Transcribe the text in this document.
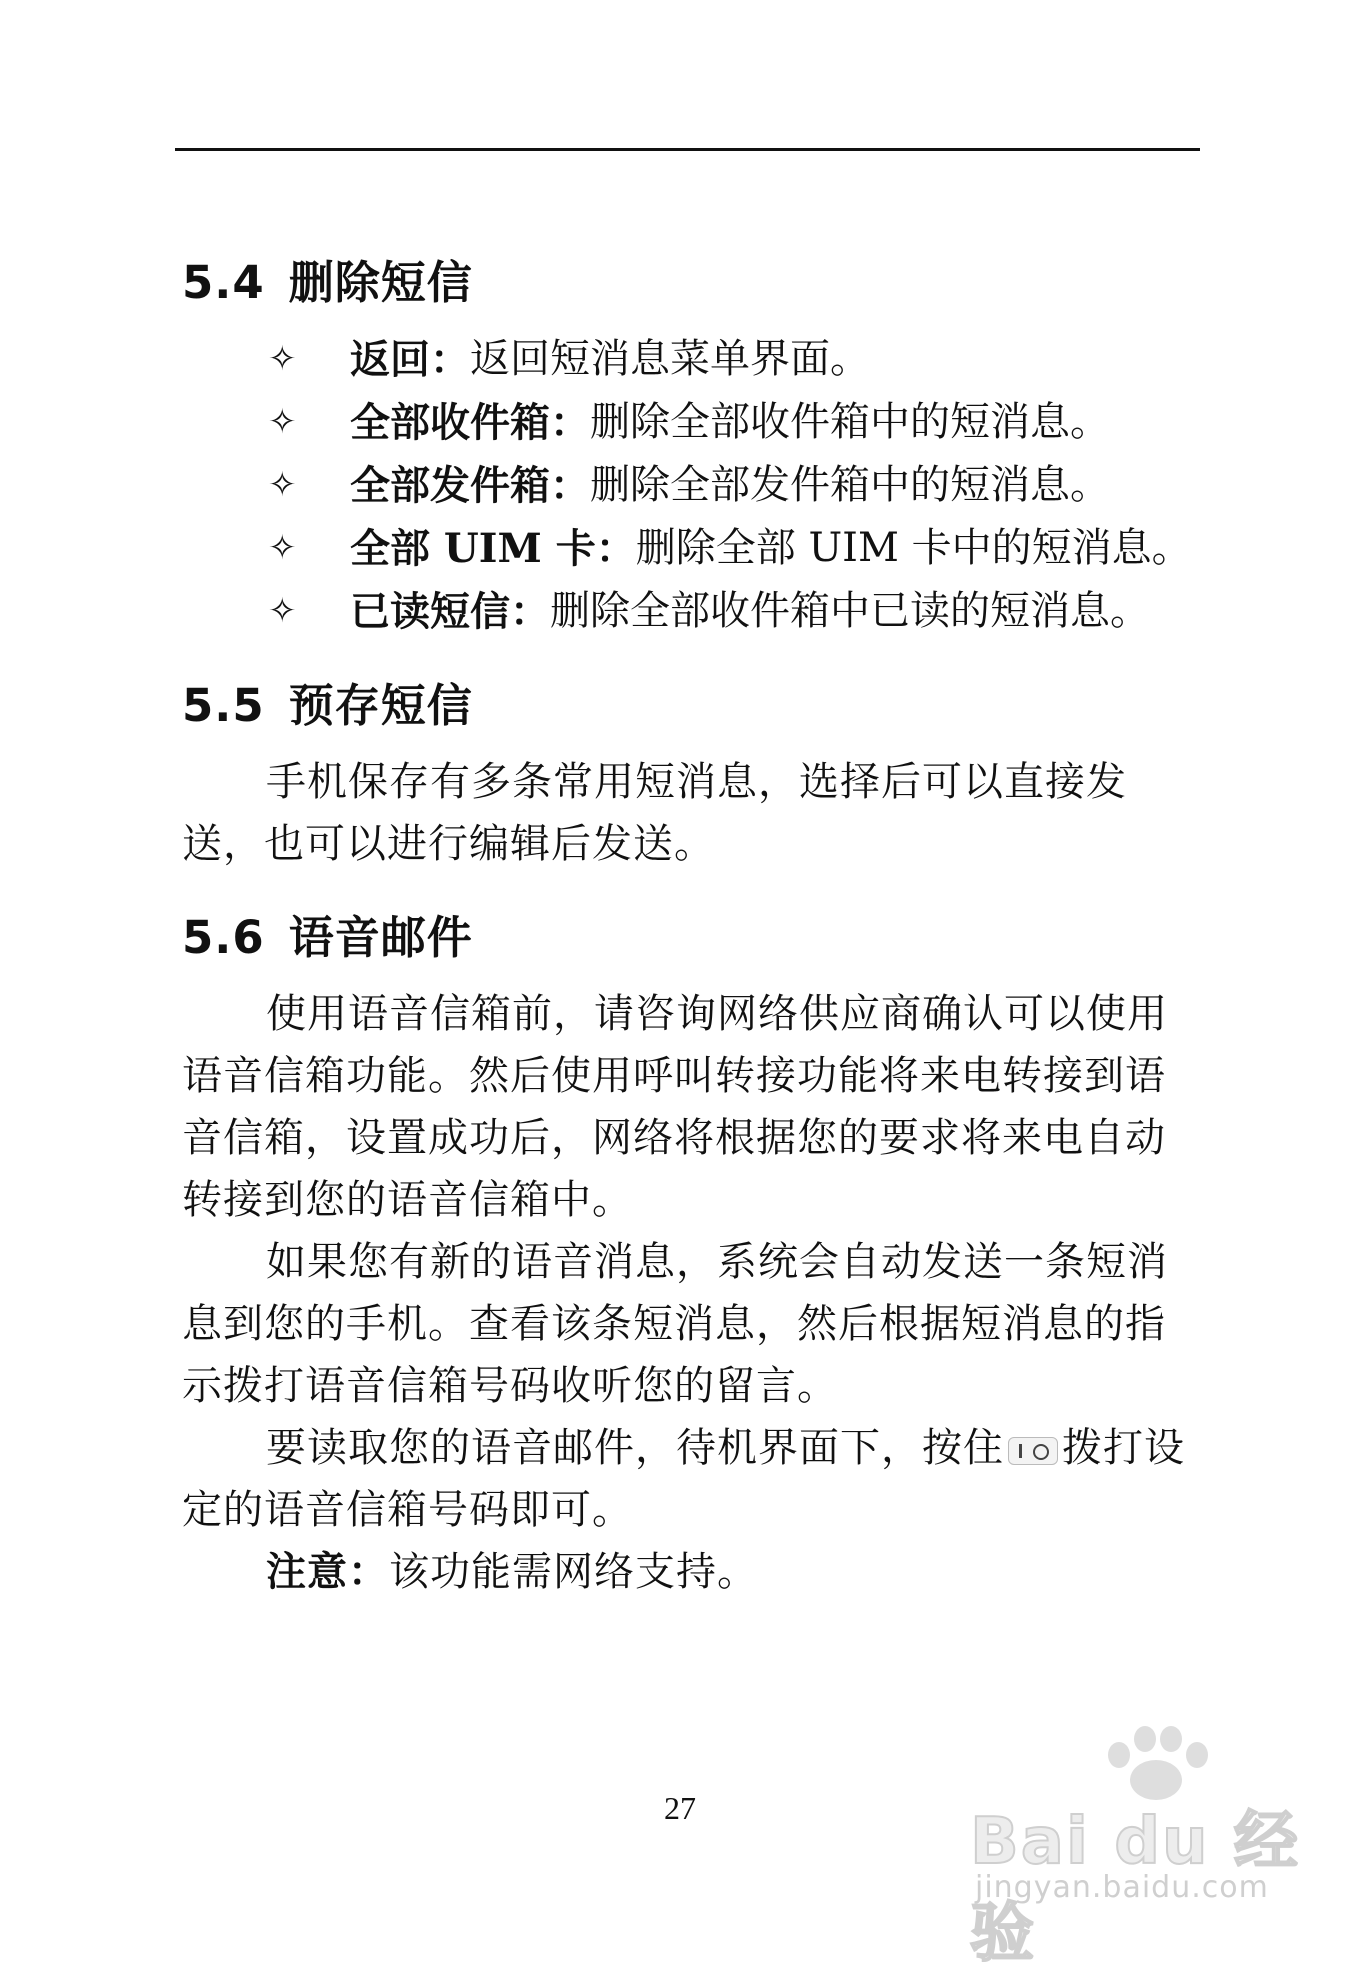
5.4 删除短信
✧	返回： 返回短消息菜单界面。
✧	全部收件箱： 删除全部收件箱中的短消息。
✧	全部发件箱： 删除全部发件箱中的短消息。
✧	全部 UIM 卡： 删除全部 UIM 卡中的短消息。
✧	已读短信： 删除全部收件箱中已读的短消息。
5.5 预存短信

手机保存有多条常用短消息，选择后可以直接发送，也可以进行编辑后发送。

5.6 语音邮件

使用语音信箱前，请咨询网络供应商确认可以使用语音信箱功能。然后使用呼叫转接功能将来电转接到语音信箱，设置成功后，网络将根据您的要求将来电自动转接到您的语音信箱中。

如果您有新的语音消息，系统会自动发送一条短消息到您的手机。查看该条短消息，然后根据短消息的指示拨打语音信箱号码收听您的留言。

要读取您的语音邮件，待机界面下，按住 拨打设定的语音信箱号码即可。

注意：该功能需网络支持。

27	Bai du 经验
jingyan.baidu.com
